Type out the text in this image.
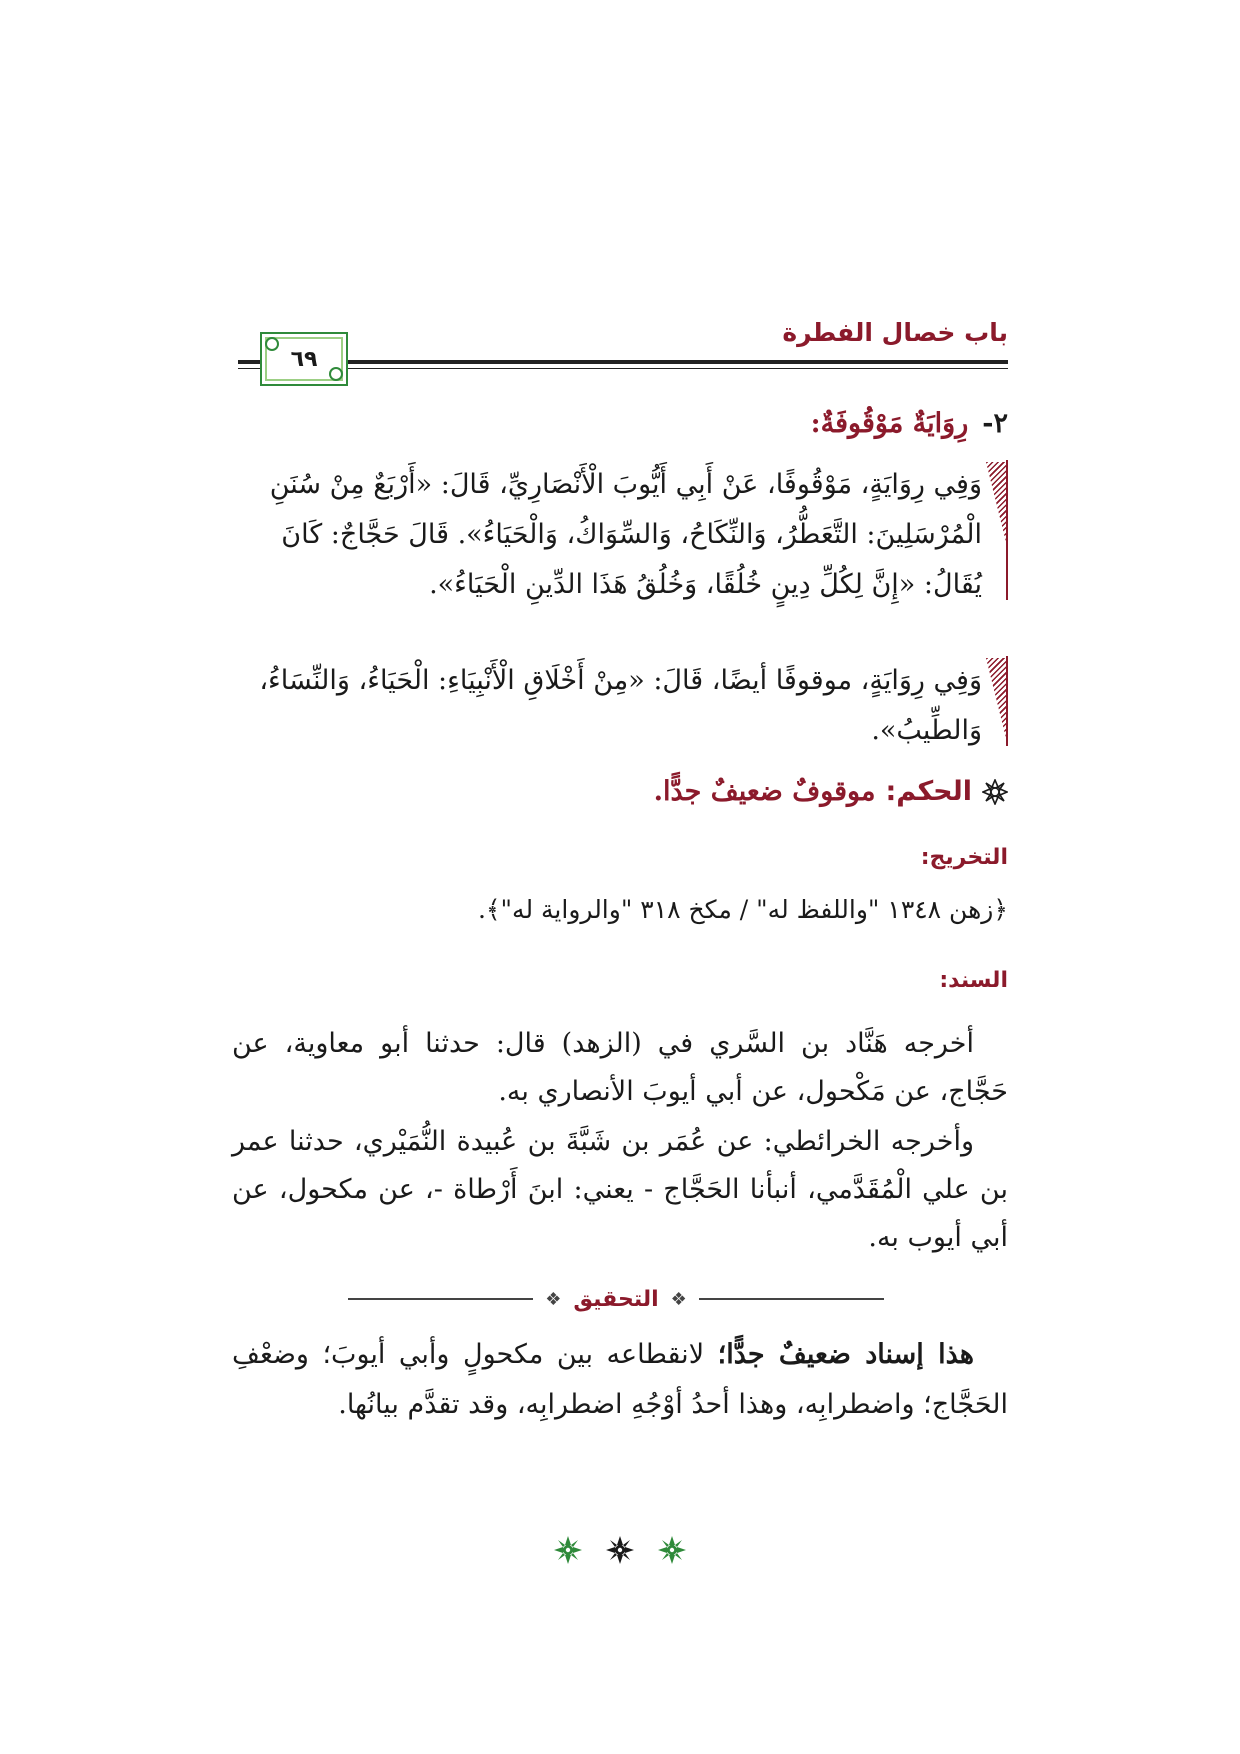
باب خصال الفطرة
٦٩
٢-رِوَايَةٌ مَوْقُوفَةٌ:
وَفِي رِوَايَةٍ، مَوْقُوفًا، عَنْ أَبِي أَيُّوبَ الْأَنْصَارِيِّ، قَالَ: «أَرْبَعٌ مِنْ سُنَنِ الْمُرْسَلِينَ: التَّعَطُّرُ، وَالنِّكَاحُ، وَالسِّوَاكُ، وَالْحَيَاءُ». قَالَ حَجَّاجٌ: كَانَ يُقَالُ: «إِنَّ لِكُلِّ دِينٍ خُلُقًا، وَخُلُقُ هَذَا الدِّينِ الْحَيَاءُ».
وَفِي رِوَايَةٍ، موقوفًا أيضًا، قَالَ: «مِنْ أَخْلَاقِ الْأَنْبِيَاءِ: الْحَيَاءُ، وَالنِّسَاءُ، وَالطِّيبُ».
الحكم:
موقوفٌ ضعيفٌ جدًّا.
التخريج:
﴿زهن ١٣٤٨ "واللفظ له" / مكخ ٣١٨ "والرواية له"﴾.
السند:
أخرجه هَنَّاد بن السَّري في (الزهد) قال: حدثنا أبو معاوية، عن حَجَّاج، عن مَكْحول، عن أبي أيوبَ الأنصاري به.
وأخرجه الخرائطي: عن عُمَر بن شَبَّةَ بن عُبيدة النُّمَيْري، حدثنا عمر بن علي الْمُقَدَّمي، أنبأنا الحَجَّاج - يعني: ابنَ أَرْطاة -، عن مكحول، عن أبي أيوب به.
❖
التحقيق
❖
هذا إسناد ضعيفٌ جدًّا؛ لانقطاعه بين مكحولٍ وأبي أيوبَ؛ وضعْفِ الحَجَّاج؛ واضطرابِه، وهذا أحدُ أوْجُهِ اضطرابِه، وقد تقدَّم بيانُها.
